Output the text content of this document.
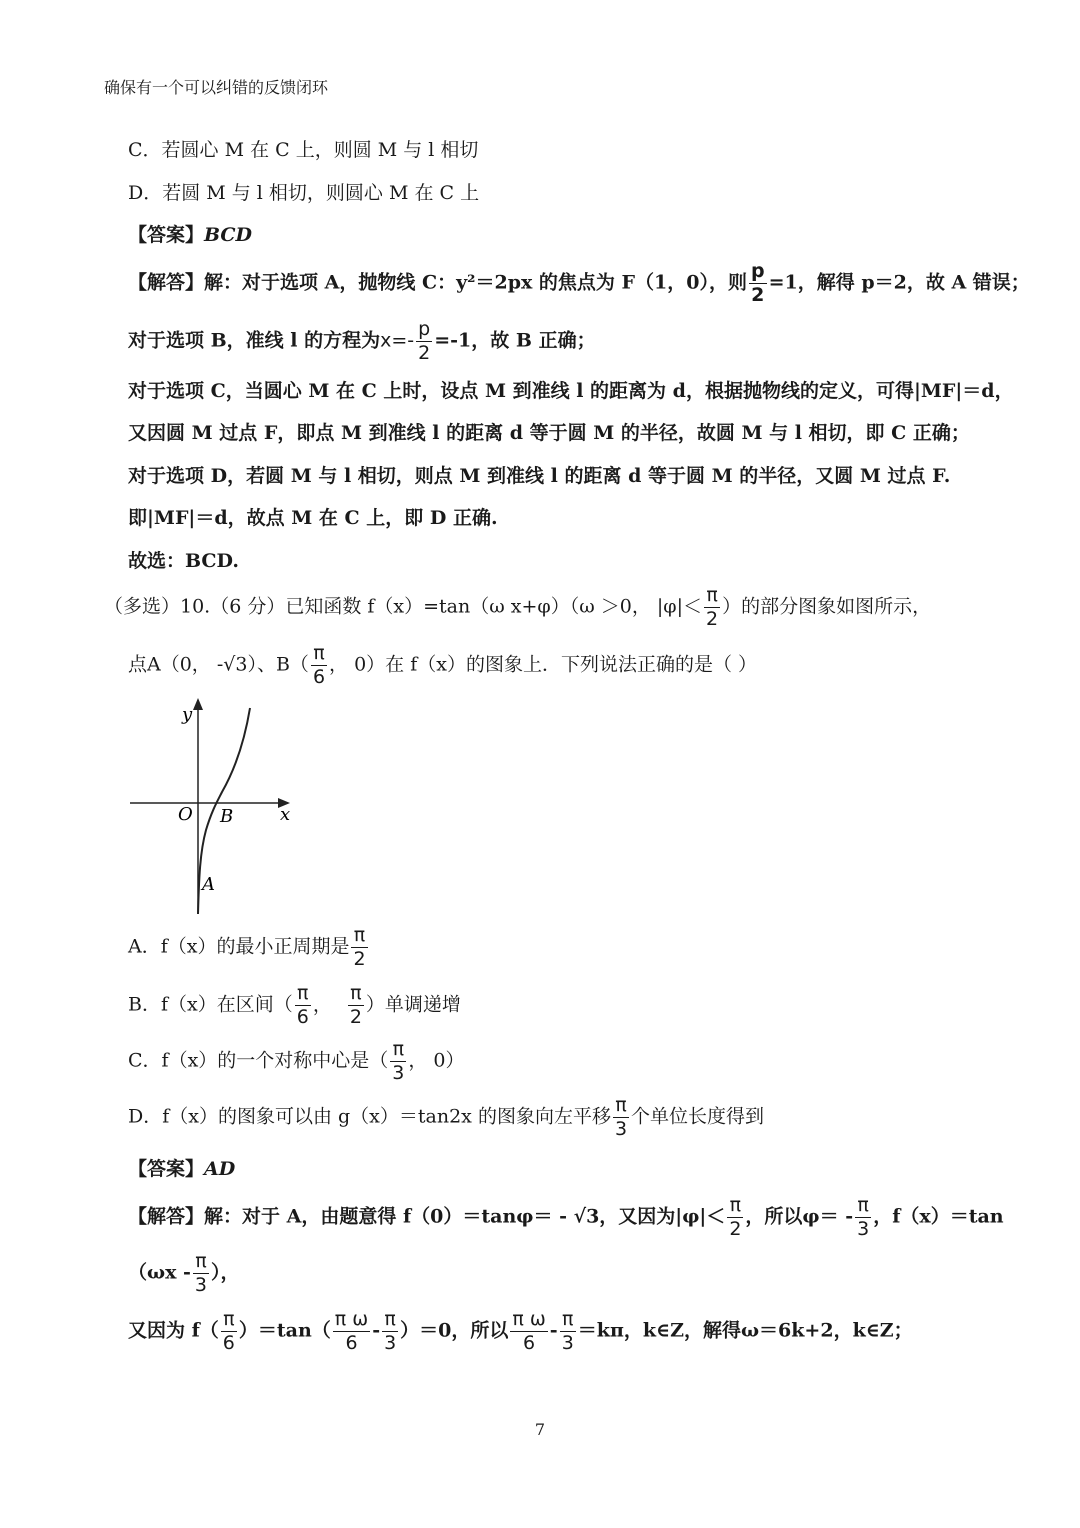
确保有一个可以纠错的反馈闭环
C．若圆心 M 在 C 上，则圆 M 与 l 相切
D．若圆 M 与 l 相切，则圆心 M 在 C 上
【答案】BCD
【解答】解：对于选项 A，抛物线 C：y²＝2px 的焦点为 F（1，0），则 $\frac{p}{2} =1$，解得 p＝2，故 A 错误；
对于选项 B，准线 l 的方程为$x=- \frac{p}{2} =-1$，故 B 正确；
对于选项 C，当圆心 M 在 C 上时，设点 M 到准线 l 的距离为 d，根据抛物线的定义，可得|MF|＝d，
又因圆 M 过点 F，即点 M 到准线 l 的距离 d 等于圆 M 的半径，故圆 M 与 l 相切，即 C 正确；
对于选项 D，若圆 M 与 l 相切，则点 M 到准线 l 的距离 d 等于圆 M 的半径，又圆 M 过点 F.
即|MF|＝d，故点 M 在 C 上，即 D 正确.
故选：BCD.
（多选）10.（6 分）已知函数 f（x）=tan（ω x+φ）（ω ＞0， $|\varphi|< \frac{\pi}{2}$ ）的部分图象如图所示，
点A（0， -√3）、$B( \frac{\pi}{6}$ ， 0）在 f（x）的图象上．下列说法正确的是（ ）
y
x
O B
A
A．f（x）的最小正周期是 $\frac{\pi}{2}$
B．f（x）在区间（ $\frac{\pi}{6}$ ， $\frac{\pi}{2}$ ）单调递增
C．f（x）的一个对称中心是（ $\frac{\pi}{3}$ ， 0）
D．f（x）的图象可以由 g（x）＝tan2x 的图象向左平移 $\frac{\pi}{3}$ 个单位长度得到
【答案】AD
【解答】解：对于 A，由题意得 f（0）＝tanφ＝ - √3，又因为$|\varphi|< \frac{\pi}{2}$ ，所以$\varphi= - \frac{\pi}{3}$ ，f（x）＝tan
（$\omega x - \frac{\pi}{3}$ ），
又因为 $f( \frac{\pi}{6} )=\tan( \frac{\text{π ω}}{6} - \frac{\pi}{3} )=0$，所以 $\frac{\text{π ω}}{6} - \frac{\pi}{3} =k\pi$，k∈Z，解得ω＝6k+2，k∈Z；
7
